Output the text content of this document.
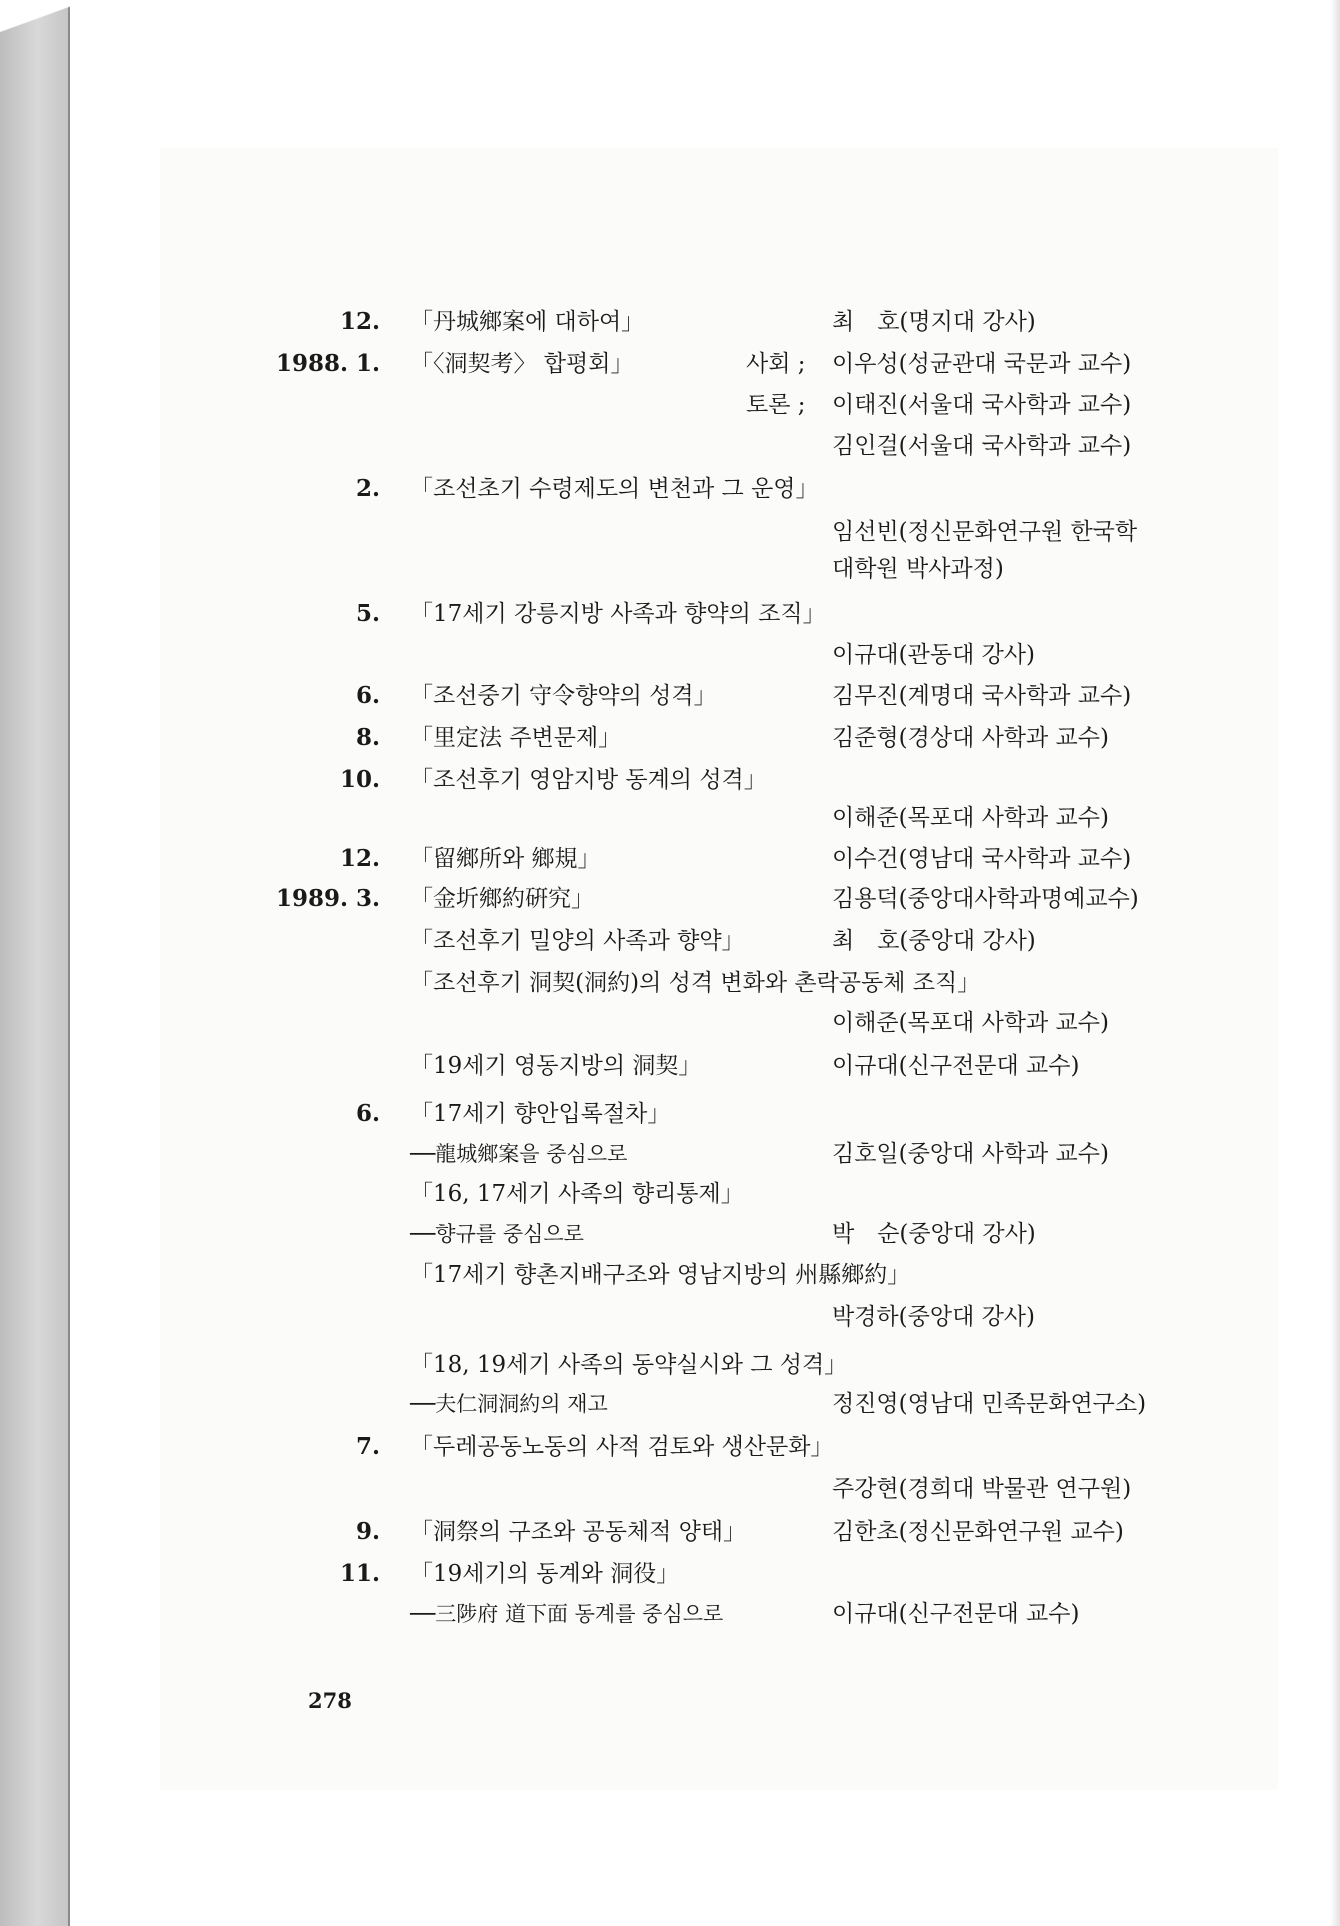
12. 「丹城鄉案에 대하여」	최　호(명지대 강사)
1988. 1. 「〈洞契考〉 합평회」	사회 ; 이우성(성균관대 국문과 교수)
토론 ; 이태진(서울대 국사학과 교수)
김인걸(서울대 국사학과 교수)
2. 「조선초기 수령제도의 변천과 그 운영」
임선빈(정신문화연구원 한국학
대학원 박사과정)
5. 「17세기 강릉지방 사족과 향약의 조직」
이규대(관동대 강사)
6. 「조선중기 守令향약의 성격」	김무진(계명대 국사학과 교수)
8. 「里定法 주변문제」	김준형(경상대 사학과 교수)
10. 「조선후기 영암지방 동계의 성격」
이해준(목포대 사학과 교수)
12. 「留鄉所와 鄉規」	이수건(영남대 국사학과 교수)
1989. 3. 「金圻鄉約硏究」	김용덕(중앙대사학과명예교수)
「조선후기 밀양의 사족과 향약」	최　호(중앙대 강사)
「조선후기 洞契(洞約)의 성격 변화와 촌락공동체 조직」
이해준(목포대 사학과 교수)
「19세기 영동지방의 洞契」	이규대(신구전문대 교수)
6. 「17세기 향안입록절차」
──龍城鄉案을 중심으로	김호일(중앙대 사학과 교수)
「16, 17세기 사족의 향리통제」
──향규를 중심으로	박　순(중앙대 강사)
「17세기 향촌지배구조와 영남지방의 州縣鄉約」
박경하(중앙대 강사)
「18, 19세기 사족의 동약실시와 그 성격」
──夫仁洞洞約의 재고	정진영(영남대 민족문화연구소)
7. 「두레공동노동의 사적 검토와 생산문화」
주강현(경희대 박물관 연구원)
9. 「洞祭의 구조와 공동체적 양태」	김한초(정신문화연구원 교수)
11. 「19세기의 동계와 洞役」
──三陟府 道下面 동계를 중심으로	이규대(신구전문대 교수)
278
